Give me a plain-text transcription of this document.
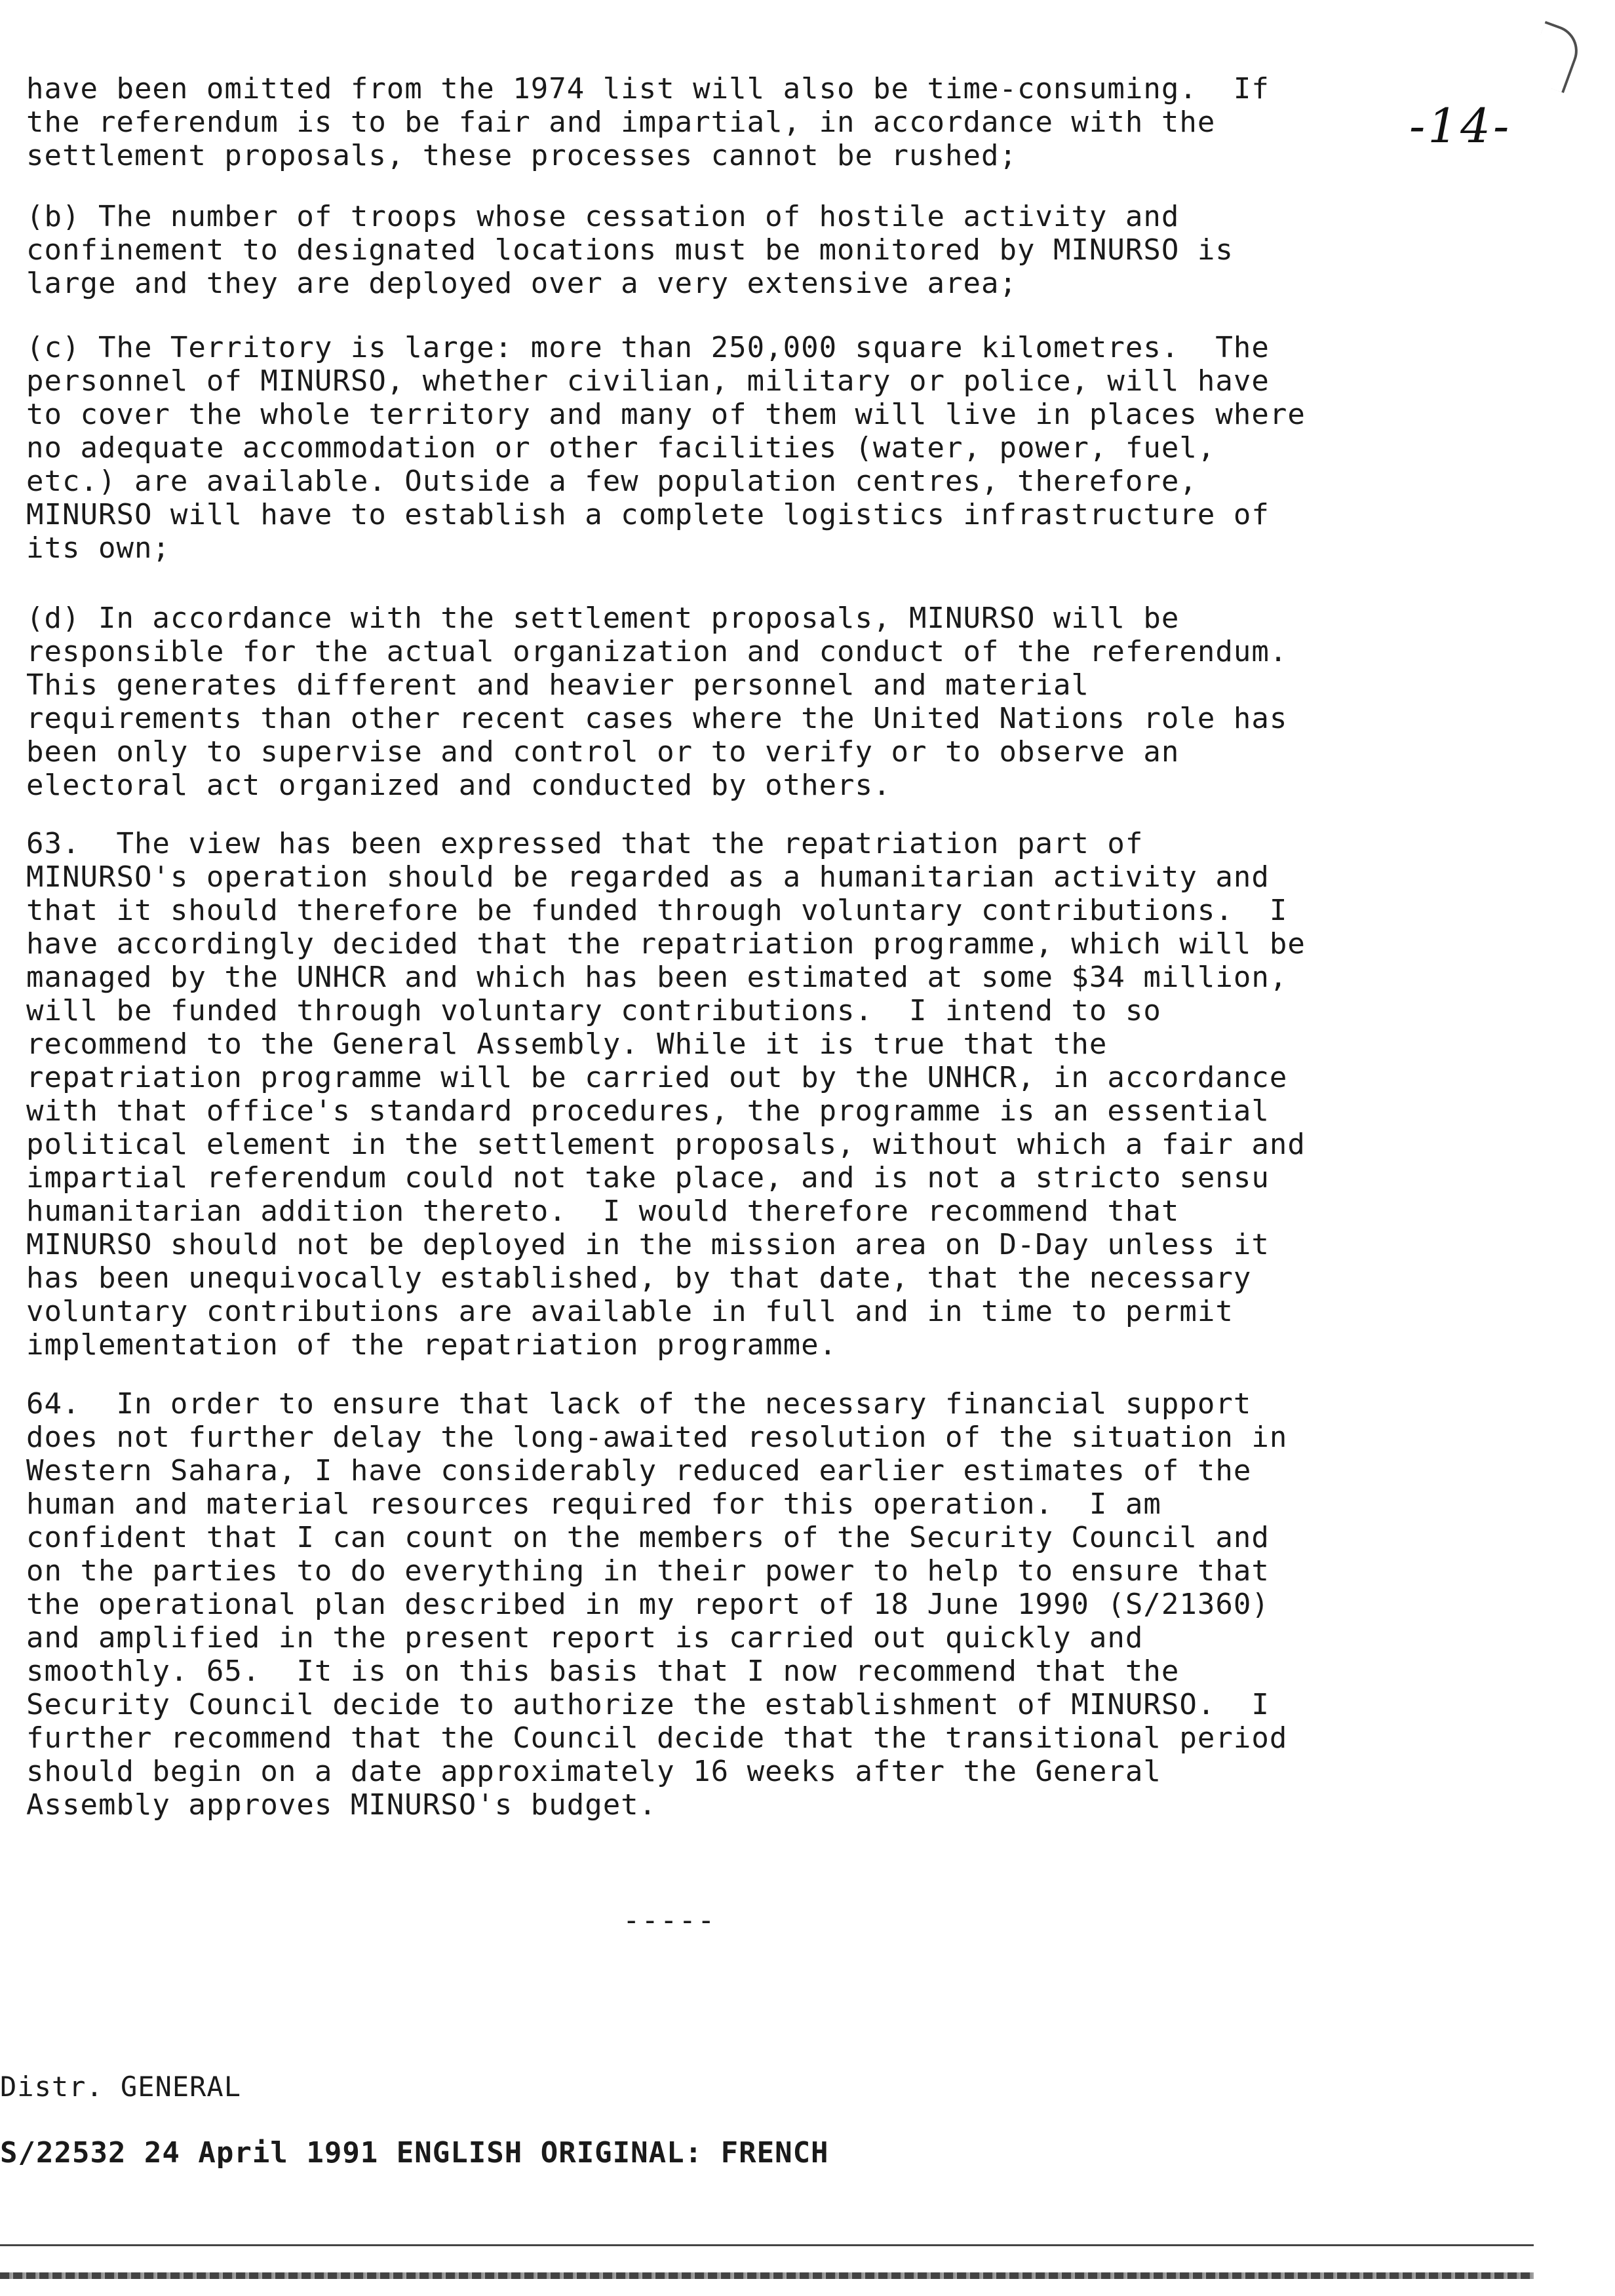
-14-
have been omitted from the 1974 list will also be time-consuming.  If
the referendum is to be fair and impartial, in accordance with the
settlement proposals, these processes cannot be rushed;
(b) The number of troops whose cessation of hostile activity and
confinement to designated locations must be monitored by MINURSO is
large and they are deployed over a very extensive area;
(c) The Territory is large: more than 250,000 square kilometres.  The
personnel of MINURSO, whether civilian, military or police, will have
to cover the whole territory and many of them will live in places where
no adequate accommodation or other facilities (water, power, fuel,
etc.) are available. Outside a few population centres, therefore,
MINURSO will have to establish a complete logistics infrastructure of
its own;
(d) In accordance with the settlement proposals, MINURSO will be
responsible for the actual organization and conduct of the referendum.
This generates different and heavier personnel and material
requirements than other recent cases where the United Nations role has
been only to supervise and control or to verify or to observe an
electoral act organized and conducted by others.
63.  The view has been expressed that the repatriation part of
MINURSO's operation should be regarded as a humanitarian activity and
that it should therefore be funded through voluntary contributions.  I
have accordingly decided that the repatriation programme, which will be
managed by the UNHCR and which has been estimated at some $34 million,
will be funded through voluntary contributions.  I intend to so
recommend to the General Assembly. While it is true that the
repatriation programme will be carried out by the UNHCR, in accordance
with that office's standard procedures, the programme is an essential
political element in the settlement proposals, without which a fair and
impartial referendum could not take place, and is not a stricto sensu
humanitarian addition thereto.  I would therefore recommend that
MINURSO should not be deployed in the mission area on D-Day unless it
has been unequivocally established, by that date, that the necessary
voluntary contributions are available in full and in time to permit
implementation of the repatriation programme.
64.  In order to ensure that lack of the necessary financial support
does not further delay the long-awaited resolution of the situation in
Western Sahara, I have considerably reduced earlier estimates of the
human and material resources required for this operation.  I am
confident that I can count on the members of the Security Council and
on the parties to do everything in their power to help to ensure that
the operational plan described in my report of 18 June 1990 (S/21360)
and amplified in the present report is carried out quickly and
smoothly. 65.  It is on this basis that I now recommend that the
Security Council decide to authorize the establishment of MINURSO.  I
further recommend that the Council decide that the transitional period
should begin on a date approximately 16 weeks after the General
Assembly approves MINURSO's budget.
-----
Distr. GENERAL
S/22532 24 April 1991 ENGLISH ORIGINAL: FRENCH
